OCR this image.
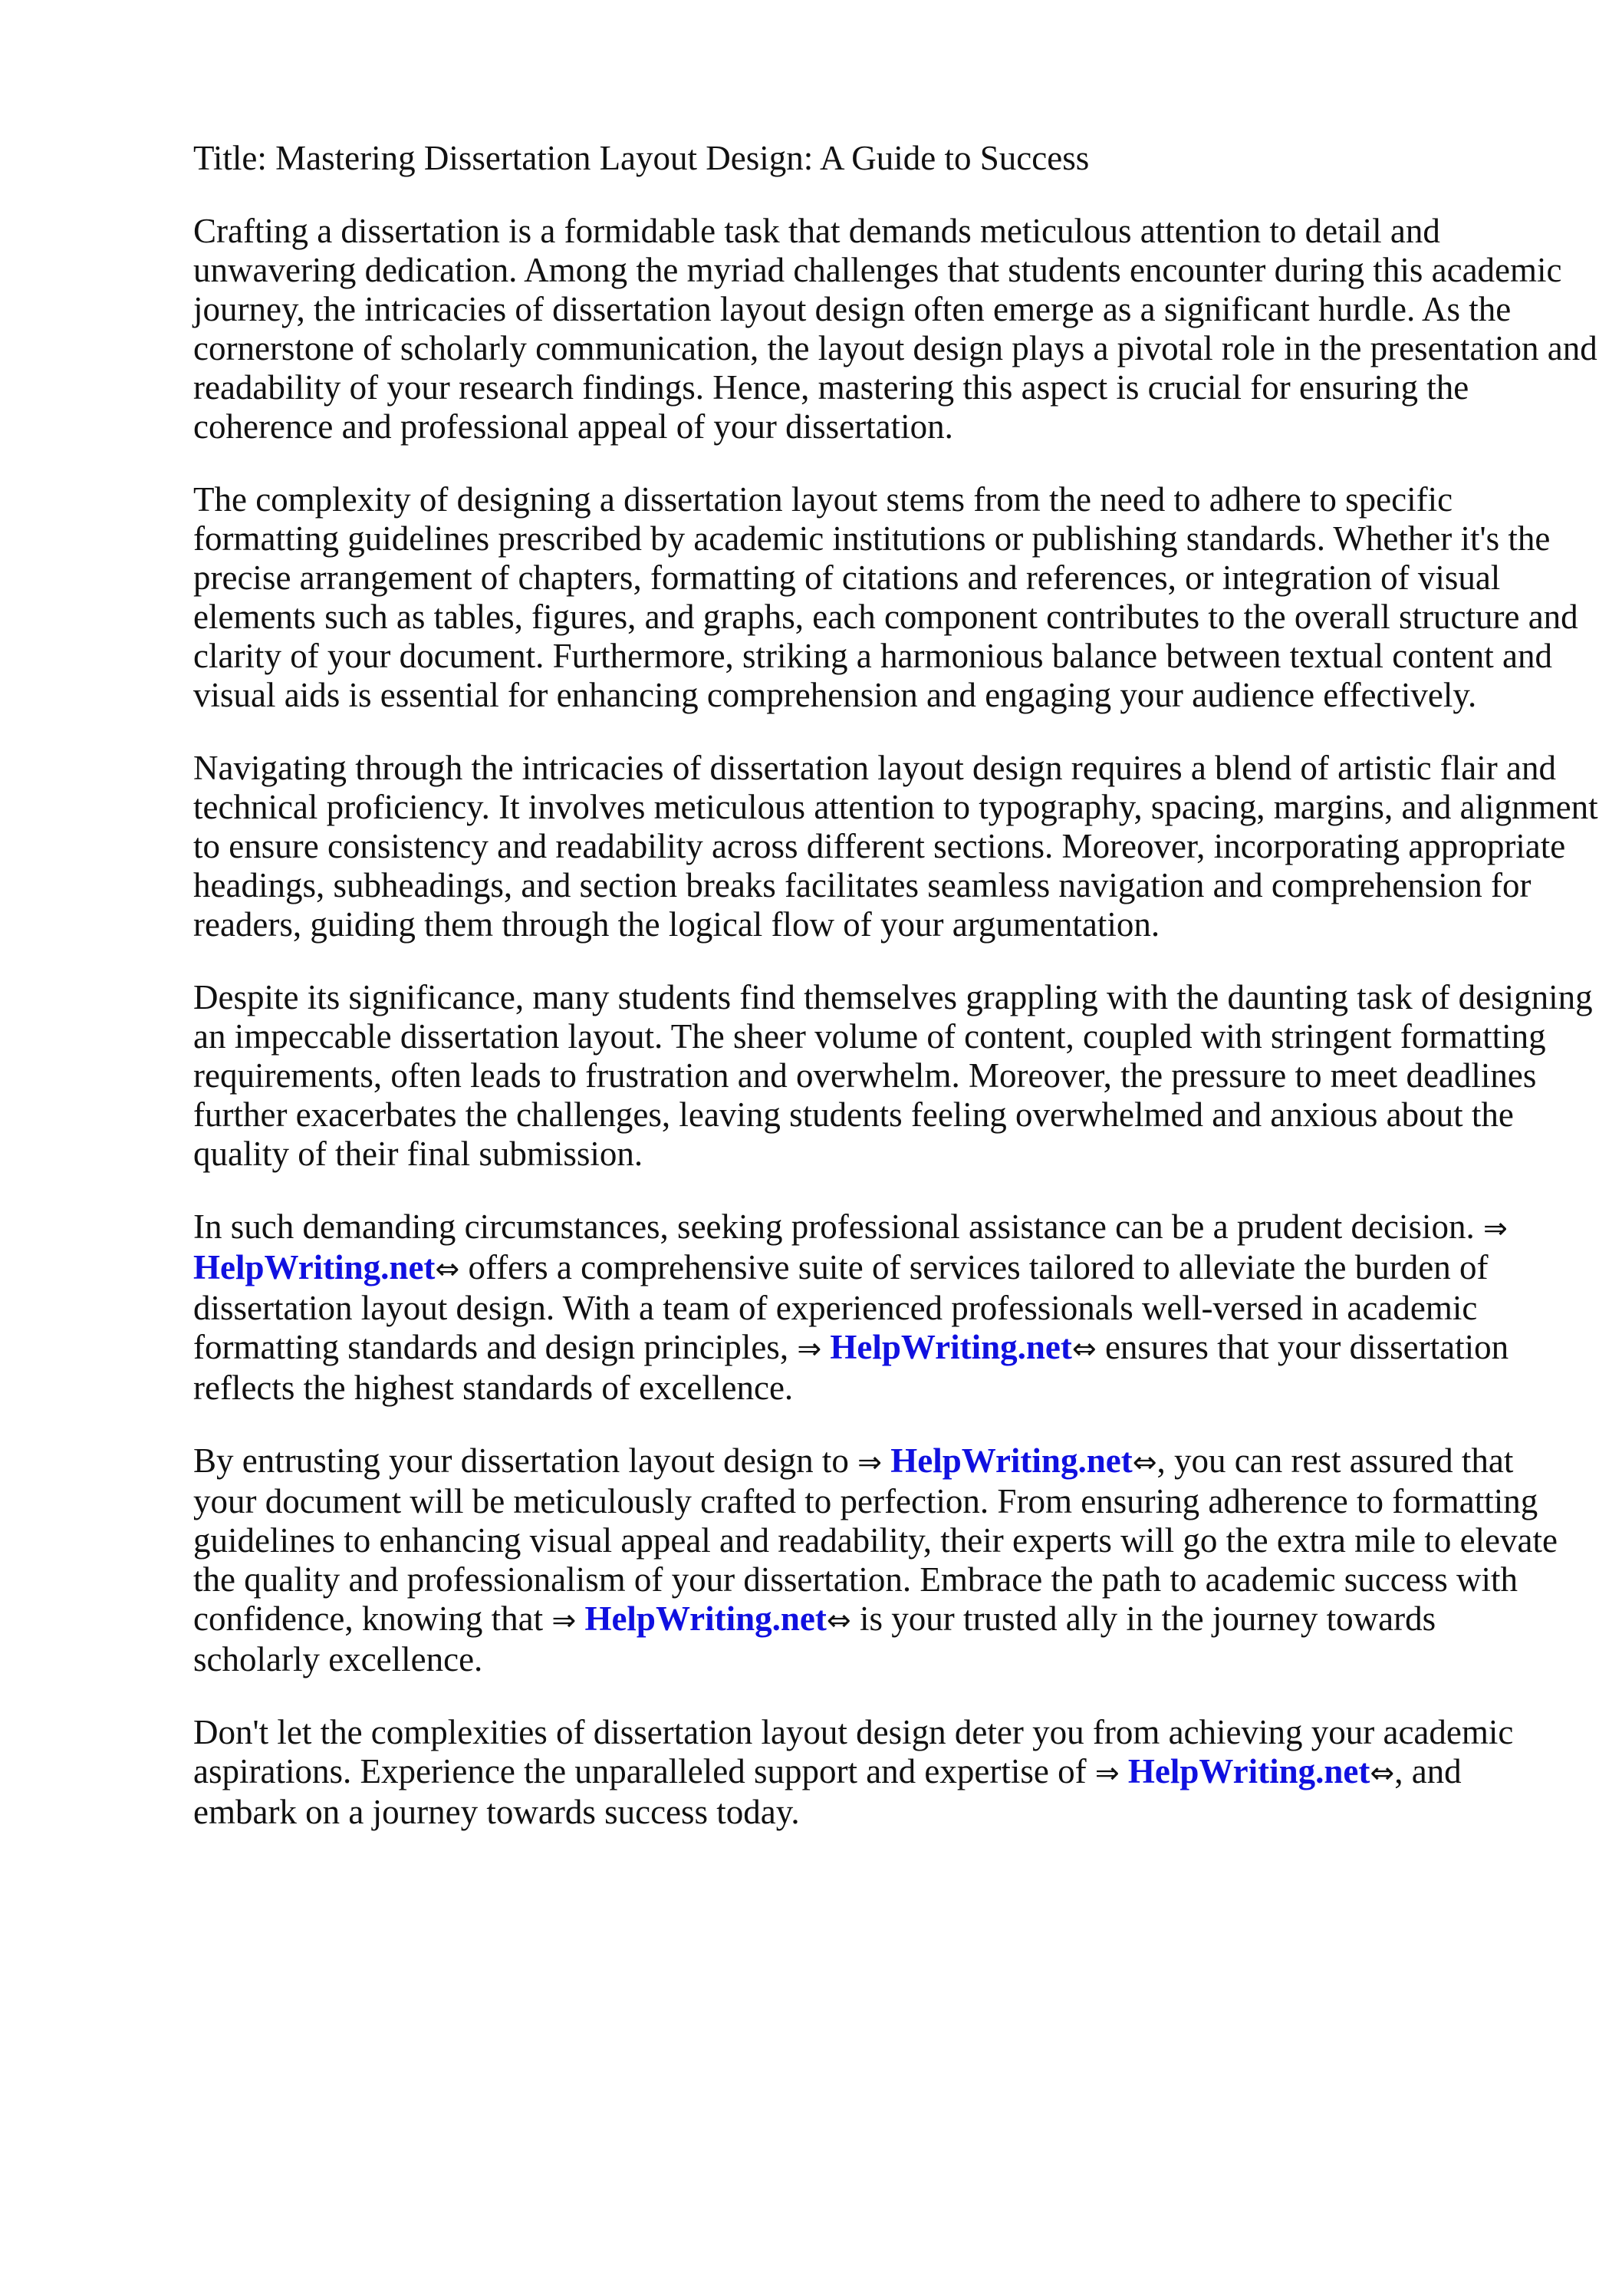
Title: Mastering Dissertation Layout Design: A Guide to Success
Crafting a dissertation is a formidable task that demands meticulous attention to detail and
unwavering dedication. Among the myriad challenges that students encounter during this academic
journey, the intricacies of dissertation layout design often emerge as a significant hurdle. As the
cornerstone of scholarly communication, the layout design plays a pivotal role in the presentation and
readability of your research findings. Hence, mastering this aspect is crucial for ensuring the
coherence and professional appeal of your dissertation.
The complexity of designing a dissertation layout stems from the need to adhere to specific
formatting guidelines prescribed by academic institutions or publishing standards. Whether it's the
precise arrangement of chapters, formatting of citations and references, or integration of visual
elements such as tables, figures, and graphs, each component contributes to the overall structure and
clarity of your document. Furthermore, striking a harmonious balance between textual content and
visual aids is essential for enhancing comprehension and engaging your audience effectively.
Navigating through the intricacies of dissertation layout design requires a blend of artistic flair and
technical proficiency. It involves meticulous attention to typography, spacing, margins, and alignment
to ensure consistency and readability across different sections. Moreover, incorporating appropriate
headings, subheadings, and section breaks facilitates seamless navigation and comprehension for
readers, guiding them through the logical flow of your argumentation.
Despite its significance, many students find themselves grappling with the daunting task of designing
an impeccable dissertation layout. The sheer volume of content, coupled with stringent formatting
requirements, often leads to frustration and overwhelm. Moreover, the pressure to meet deadlines
further exacerbates the challenges, leaving students feeling overwhelmed and anxious about the
quality of their final submission.
In such demanding circumstances, seeking professional assistance can be a prudent decision. ⇒
HelpWriting.net⇔ offers a comprehensive suite of services tailored to alleviate the burden of
dissertation layout design. With a team of experienced professionals well-versed in academic
formatting standards and design principles, ⇒ HelpWriting.net⇔ ensures that your dissertation
reflects the highest standards of excellence.
By entrusting your dissertation layout design to ⇒ HelpWriting.net⇔, you can rest assured that
your document will be meticulously crafted to perfection. From ensuring adherence to formatting
guidelines to enhancing visual appeal and readability, their experts will go the extra mile to elevate
the quality and professionalism of your dissertation. Embrace the path to academic success with
confidence, knowing that ⇒ HelpWriting.net⇔ is your trusted ally in the journey towards
scholarly excellence.
Don't let the complexities of dissertation layout design deter you from achieving your academic
aspirations. Experience the unparalleled support and expertise of ⇒ HelpWriting.net⇔, and
embark on a journey towards success today.
